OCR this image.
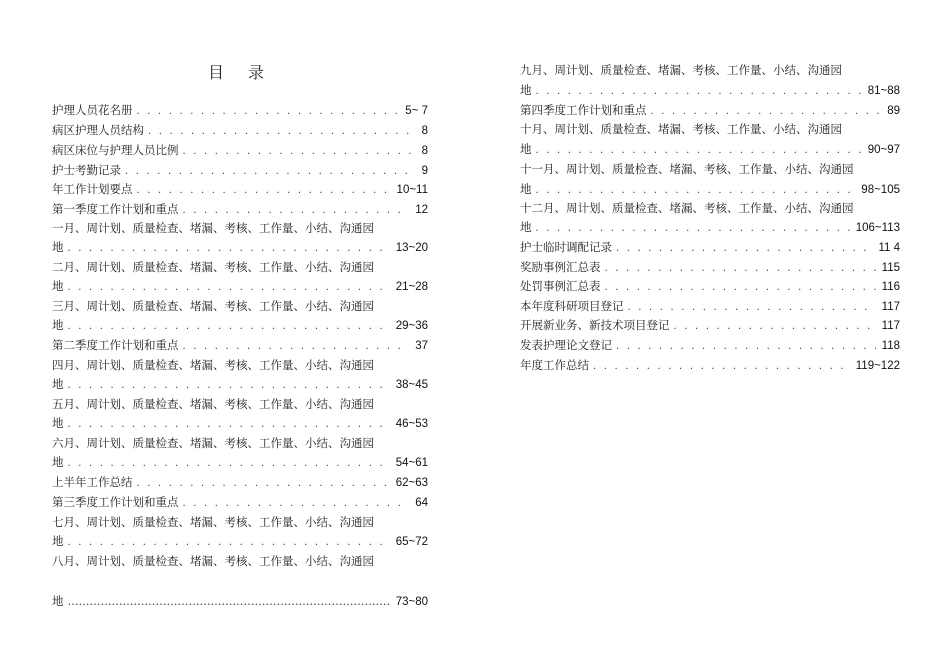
目　录
护理人员花名册 . . .	5~ 7
病区护理人员结构 . . .	8
病区床位与护理人员比例 . . .	8
护士考勤记录 . . .	9
年工作计划要点 . . .	10~11
第一季度工作计划和重点 . . .	12
一月、周计划、质量检查、堵漏、考核、工作量、小结、沟通园
地 . . .	13~20
二月、周计划、质量检查、堵漏、考核、工作量、小结、沟通园
地 . . .	21~28
三月、周计划、质量检查、堵漏、考核、工作量、小结、沟通园
地 . . .	29~36
第二季度工作计划和重点 . . .	37
四月、周计划、质量检查、堵漏、考核、工作量、小结、沟通园
地 . . .	38~45
五月、周计划、质量检查、堵漏、考核、工作量、小结、沟通园
地 . . .	46~53
六月、周计划、质量检查、堵漏、考核、工作量、小结、沟通园
地 . . .	54~61
上半年工作总结 . . .	62~63
第三季度工作计划和重点 . . .	64
七月、周计划、质量检查、堵漏、考核、工作量、小结、沟通园
地 . . .	65~72
八月、周计划、质量检查、堵漏、考核、工作量、小结、沟通园
地 ………………………………………………………………………………………………………………………………	73~80
九月、周计划、质量检查、堵漏、考核、工作量、小结、沟通园
地 . . .	81~88
第四季度工作计划和重点 . . .	89
十月、周计划、质量检查、堵漏、考核、工作量、小结、沟通园
地 . . .	90~97
十一月、周计划、质量检查、堵漏、考核、工作量、小结、沟通园
地 . . .	98~105
十二月、周计划、质量检查、堵漏、考核、工作量、小结、沟通园
地 . . .	106~113
护士临时调配记录 . . .	11 4
奖励事例汇总表 . . .	115
处罚事例汇总表 . . .	116
本年度科研项目登记 . . .	117
开展新业务、新技术项目登记 . . .	117
发表护理论文登记 . . .	118
年度工作总结 . . .	119~122
